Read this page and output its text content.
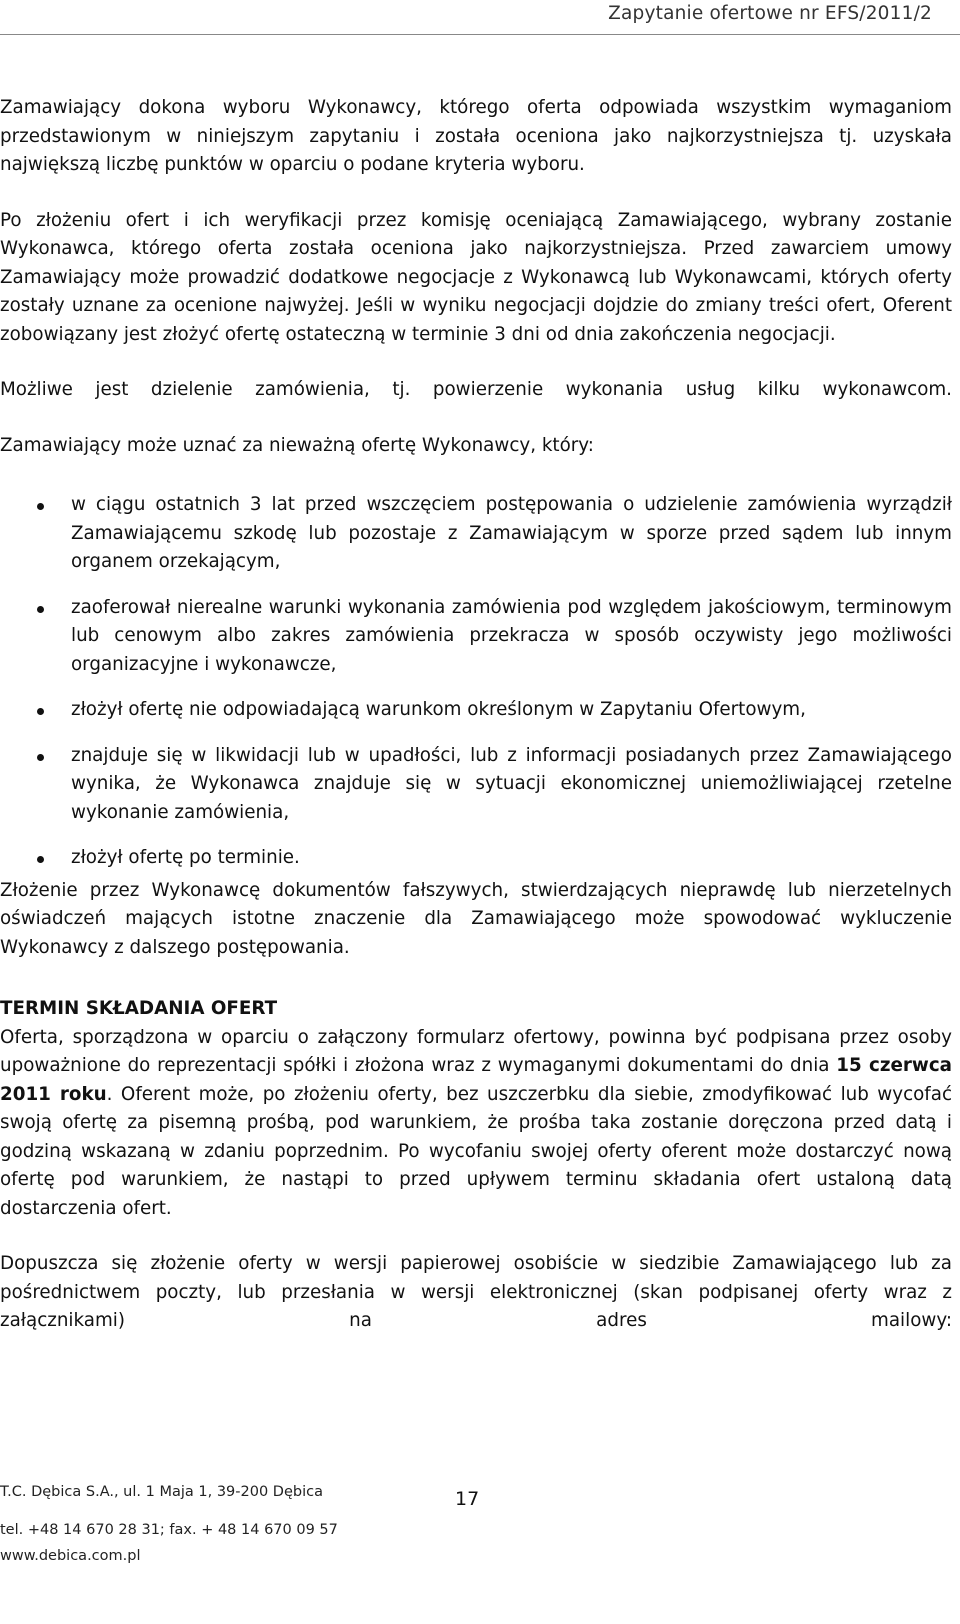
Zapytanie ofertowe nr EFS/2011/2

Zamawiający dokona wyboru Wykonawcy, którego oferta odpowiada wszystkim wymaganiom przedstawionym w niniejszym zapytaniu i została oceniona jako najkorzystniejsza tj. uzyskała największą liczbę punktów w oparciu o podane kryteria wyboru.

Po złożeniu ofert i ich weryfikacji przez komisję oceniającą Zamawiającego, wybrany zostanie Wykonawca, którego oferta została oceniona jako najkorzystniejsza. Przed zawarciem umowy Zamawiający może prowadzić dodatkowe negocjacje z Wykonawcą lub Wykonawcami, których oferty zostały uznane za ocenione najwyżej. Jeśli w wyniku negocjacji dojdzie do zmiany treści ofert, Oferent zobowiązany jest złożyć ofertę ostateczną w terminie 3 dni od dnia zakończenia negocjacji.

Możliwe jest dzielenie zamówienia, tj. powierzenie wykonania usług kilku wykonawcom.

Zamawiający może uznać za nieważną ofertę Wykonawcy, który:

w ciągu ostatnich 3 lat przed wszczęciem postępowania o udzielenie zamówienia wyrządził Zamawiającemu szkodę lub pozostaje z Zamawiającym w sporze przed sądem lub innym organem orzekającym,
zaoferował nierealne warunki wykonania zamówienia pod względem jakościowym, terminowym lub cenowym albo zakres zamówienia przekracza w sposób oczywisty jego możliwości organizacyjne i wykonawcze,
złożył ofertę nie odpowiadającą warunkom określonym w Zapytaniu Ofertowym,
znajduje się w likwidacji lub w upadłości, lub z informacji posiadanych przez Zamawiającego wynika, że Wykonawca znajduje się w sytuacji ekonomicznej uniemożliwiającej rzetelne wykonanie zamówienia,
złożył ofertę po terminie.

Złożenie przez Wykonawcę dokumentów fałszywych, stwierdzających nieprawdę lub nierzetelnych oświadczeń mających istotne znaczenie dla Zamawiającego może spowodować wykluczenie Wykonawcy z dalszego postępowania.

TERMIN SKŁADANIA OFERT

Oferta, sporządzona w oparciu o załączony formularz ofertowy, powinna być podpisana przez osoby upoważnione do reprezentacji spółki i złożona wraz z wymaganymi dokumentami do dnia 15 czerwca 2011 roku. Oferent może, po złożeniu oferty, bez uszczerbku dla siebie, zmodyfikować lub wycofać swoją ofertę za pisemną prośbą, pod warunkiem, że prośba taka zostanie doręczona przed datą i godziną wskazaną w zdaniu poprzednim. Po wycofaniu swojej oferty oferent może dostarczyć nową ofertę pod warunkiem, że nastąpi to przed upływem terminu składania ofert ustaloną datą dostarczenia ofert.

Dopuszcza się złożenie oferty w wersji papierowej osobiście w siedzibie Zamawiającego lub za pośrednictwem poczty, lub przesłania w wersji elektronicznej (skan podpisanej oferty wraz z załącznikami) na adres mailowy:

T.C. Dębica S.A., ul. 1 Maja 1, 39-200 Dębica
tel. +48 14 670 28 31; fax. + 48 14 670 09 57
www.debica.com.pl
17
